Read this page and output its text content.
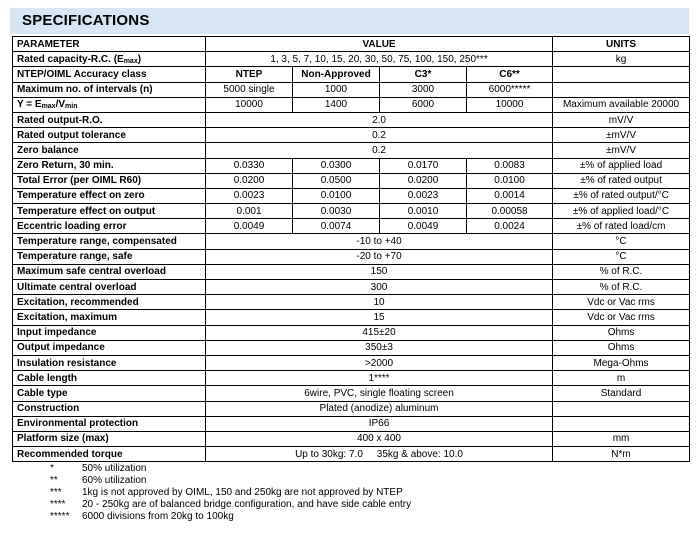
SPECIFICATIONS
PARAMETER	VALUE				UNITS
Rated capacity-R.C. $(E_{max})$	1, 3, 5, 7, 10, 15, 20, 30, 50, 75, 100, 150, 250***				kg
NTEP/OIML Accuracy class	NTEP	Non-Approved	C3*	C6**	
Maximum no. of intervals (n)	5000 single	1000	3000	6000*****	
$Y = E_{max}/V_{min}$	10000	1400	6000	10000	Maximum available 20000
Rated output-R.O.	2.0				mV/V
Rated output tolerance	0.2				±mV/V
Zero balance	0.2				±mV/V
Zero Return, 30 min.	0.0330	0.0300	0.0170	0.0083	±% of applied load
Total Error (per OIML R60)	0.0200	0.0500	0.0200	0.0100	±% of rated output
Temperature effect on zero	0.0023	0.0100	0.0023	0.0014	±% of rated output/°C
Temperature effect on output	0.001	0.0030	0.0010	0.00058	±% of applied load/°C
Eccentric loading error	0.0049	0.0074	0.0049	0.0024	±% of rated load/cm
Temperature range, compensated	-10 to +40				°C
Temperature range, safe	-20 to +70				°C
Maximum safe central overload	150				% of R.C.
Ultimate central overload	300				% of R.C.
Excitation, recommended	10				Vdc or Vac rms
Excitation, maximum	15				Vdc or Vac rms
Input impedance	415±20				Ohms
Output impedance	350±3				Ohms
Insulation resistance	>2000				Mega-Ohms
Cable length	1****				m
Cable type	6wire, PVC, single floating screen				Standard
Construction	Plated (anodize) aluminum				
Environmental protection	IP66				
Platform size (max)	400 x 400				mm
Recommended torque	Up to 30kg: 7.0     35kg & above: 10.0				N*m
*	50% utilization
** 60% utilization
*** 1kg is not approved by OIML, 150 and 250kg are not approved by NTEP
**** 20 - 250kg are of balanced bridge configuration, and have side cable entry
***** 6000 divisions from 20kg to 100kg
